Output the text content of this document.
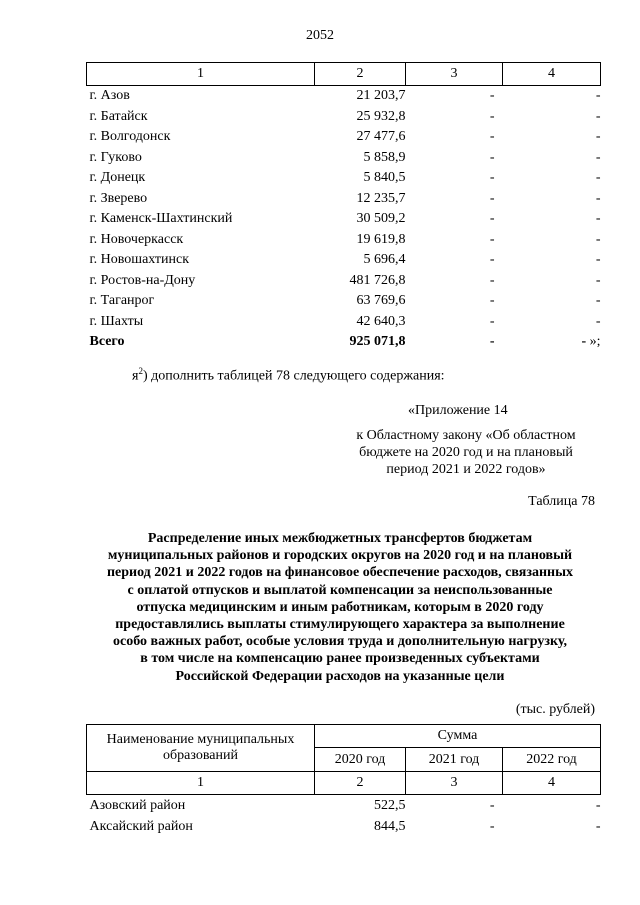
2052
1	2	3	4
г. Азов	21 203,7	-	-
г. Батайск	25 932,8	-	-
г. Волгодонск	27 477,6	-	-
г. Гуково	5 858,9	-	-
г. Донецк	5 840,5	-	-
г. Зверево	12 235,7	-	-
г. Каменск-Шахтинский	30 509,2	-	-
г. Новочеркасск	19 619,8	-	-
г. Новошахтинск	5 696,4	-	-
г. Ростов-на-Дону	481 726,8	-	-
г. Таганрог	63 769,6	-	-
г. Шахты	42 640,3	-	-
Всего	925 071,8	-	- »;
$я^2$) дополнить таблицей 78 следующего содержания:
«Приложение 14
к Областному закону «Об областном бюджете на 2020 год и на плановый период 2021 и 2022 годов»
Таблица 78
Распределение иных межбюджетных трансфертов бюджетам
муниципальных районов и городских округов на 2020 год и на плановый
период 2021 и 2022 годов на финансовое обеспечение расходов, связанных
с оплатой отпусков и выплатой компенсации за неиспользованные
отпуска медицинским и иным работникам, которым в 2020 году
предоставлялись выплаты стимулирующего характера за выполнение
особо важных работ, особые условия труда и дополнительную нагрузку,
в том числе на компенсацию ранее произведенных субъектами
Российской Федерации расходов на указанные цели
(тыс. рублей)
Наименование муниципальных образований	Сумма		
	2020 год	2021 год	2022 год
1	2	3	4
Азовский район	522,5	-	-
Аксайский район	844,5	-	-
